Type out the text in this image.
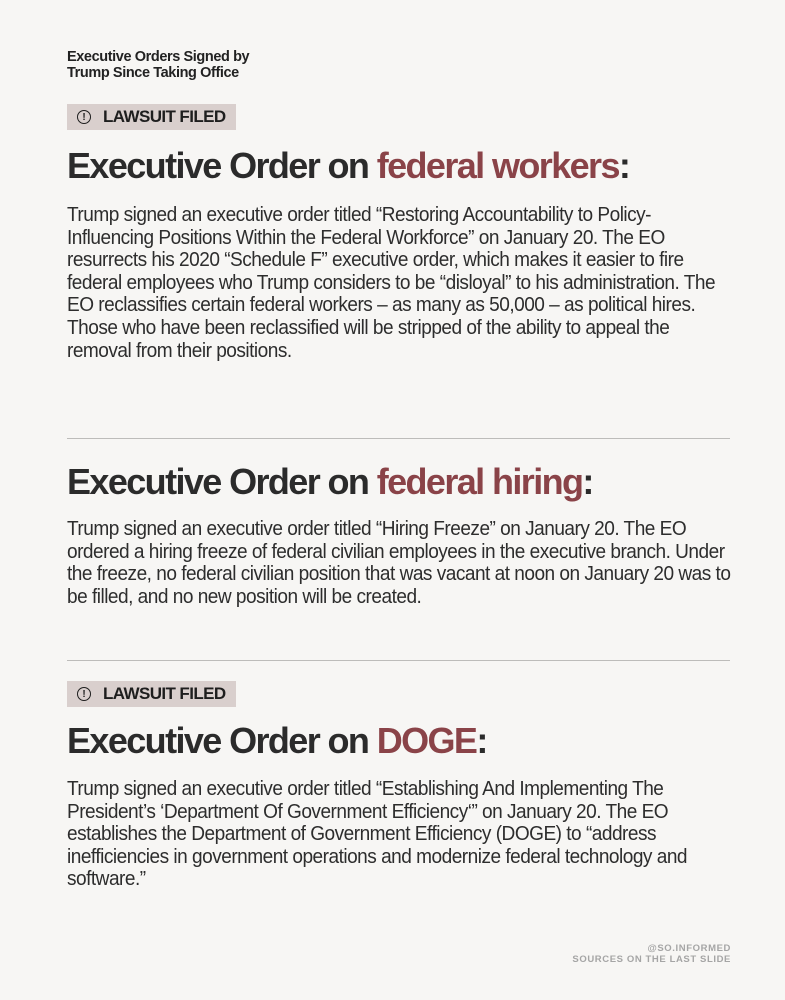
Executive Orders Signed by
Trump Since Taking Office
!	LAWSUIT FILED
Executive Order on federal workers:
Trump signed an executive order titled “Restoring Accountability to Policy-Influencing Positions Within the Federal Workforce” on January 20. The EO resurrects his 2020 “Schedule F” executive order, which makes it easier to fire federal employees who Trump considers to be “disloyal” to his administration. The EO reclassifies certain federal workers – as many as 50,000 – as political hires. Those who have been reclassified will be stripped of the ability to appeal the removal from their positions.
Executive Order on federal hiring:
Trump signed an executive order titled “Hiring Freeze” on January 20. The EO ordered a hiring freeze of federal civilian employees in the executive branch. Under the freeze, no federal civilian position that was vacant at noon on January 20 was to be filled, and no new position will be created.
!	LAWSUIT FILED
Executive Order on DOGE:
Trump signed an executive order titled “Establishing And Implementing The President’s ‘Department Of Government Efficiency‘” on January 20. The EO establishes the Department of Government Efficiency (DOGE) to “address inefficiencies in government operations and modernize federal technology and software.”
@SO.INFORMED
SOURCES ON THE LAST SLIDE
